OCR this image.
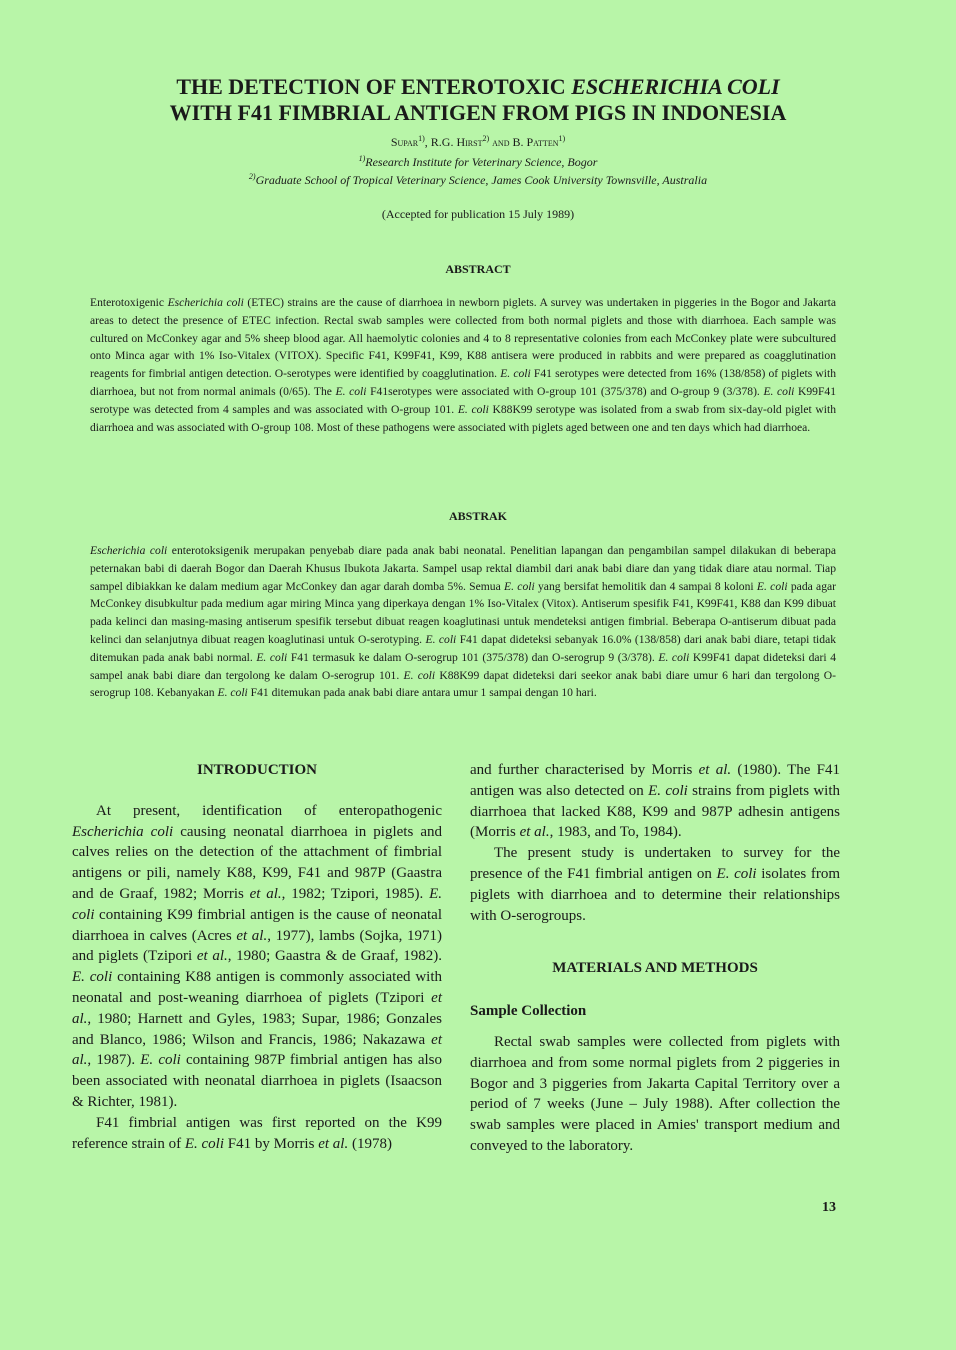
THE DETECTION OF ENTEROTOXIC ESCHERICHIA COLI
WITH F41 FIMBRIAL ANTIGEN FROM PIGS IN INDONESIA
Supar$^{1)}$, R.G. Hirst$^{2)}$ and B. Patten$^{1)}$
$^{1)}$Research Institute for Veterinary Science, Bogor
$^{2)}$Graduate School of Tropical Veterinary Science, James Cook University Townsville, Australia
(Accepted for publication 15 July 1989)
ABSTRACT

Enterotoxigenic Escherichia coli (ETEC) strains are the cause of diarrhoea in newborn piglets. A survey was undertaken in piggeries in the Bogor and Jakarta areas to detect the presence of ETEC infection. Rectal swab samples were collected from both normal piglets and those with diarrhoea. Each sample was cultured on McConkey agar and 5% sheep blood agar. All haemolytic colonies and 4 to 8 representative colonies from each McConkey plate were subcultured onto Minca agar with 1% Iso-Vitalex (VITOX). Specific F41, K99F41, K99, K88 antisera were produced in rabbits and were prepared as coagglutination reagents for fimbrial antigen detection. O-serotypes were identified by coagglutination. E. coli F41 serotypes were detected from 16% (138/858) of piglets with diarrhoea, but not from normal animals (0/65). The E. coli F41serotypes were associated with O-group 101 (375/378) and O-group 9 (3/378). E. coli K99F41 serotype was detected from 4 samples and was associated with O-group 101. E. coli K88K99 serotype was isolated from a swab from six-day-old piglet with diarrhoea and was associated with O-group 108. Most of these pathogens were associated with piglets aged between one and ten days which had diarrhoea.

ABSTRAK

Escherichia coli enterotoksigenik merupakan penyebab diare pada anak babi neonatal. Penelitian lapangan dan pengambilan sampel dilakukan di beberapa peternakan babi di daerah Bogor dan Daerah Khusus Ibukota Jakarta. Sampel usap rektal diambil dari anak babi diare dan yang tidak diare atau normal. Tiap sampel dibiakkan ke dalam medium agar McConkey dan agar darah domba 5%. Semua E. coli yang bersifat hemolitik dan 4 sampai 8 koloni E. coli pada agar McConkey disubkultur pada medium agar miring Minca yang diperkaya dengan 1% Iso-Vitalex (Vitox). Antiserum spesifik F41, K99F41, K88 dan K99 dibuat pada kelinci dan masing-masing antiserum spesifik tersebut dibuat reagen koaglutinasi untuk mendeteksi antigen fimbrial. Beberapa O-antiserum dibuat pada kelinci dan selanjutnya dibuat reagen koaglutinasi untuk O-serotyping. E. coli F41 dapat dideteksi sebanyak 16.0% (138/858) dari anak babi diare, tetapi tidak ditemukan pada anak babi normal. E. coli F41 termasuk ke dalam O-serogrup 101 (375/378) dan O-serogrup 9 (3/378). E. coli K99F41 dapat dideteksi dari 4 sampel anak babi diare dan tergolong ke dalam O-serogrup 101. E. coli K88K99 dapat dideteksi dari seekor anak babi diare umur 6 hari dan tergolong O-serogrup 108. Kebanyakan E. coli F41 ditemukan pada anak babi diare antara umur 1 sampai dengan 10 hari.

INTRODUCTION

At present, identification of enteropathogenic Escherichia coli causing neonatal diarrhoea in piglets and calves relies on the detection of the attachment of fimbrial antigens or pili, namely K88, K99, F41 and 987P (Gaastra and de Graaf, 1982; Morris et al., 1982; Tzipori, 1985). E. coli containing K99 fimbrial antigen is the cause of neonatal diarrhoea in calves (Acres et al., 1977), lambs (Sojka, 1971) and piglets (Tzipori et al., 1980; Gaastra & de Graaf, 1982). E. coli containing K88 antigen is commonly associated with neonatal and post-weaning diarrhoea of piglets (Tzipori et al., 1980; Harnett and Gyles, 1983; Supar, 1986; Gonzales and Blanco, 1986; Wilson and Francis, 1986; Nakazawa et al., 1987). E. coli containing 987P fimbrial antigen has also been associated with neonatal diarrhoea in piglets (Isaacson & Richter, 1981).

F41 fimbrial antigen was first reported on the K99 reference strain of E. coli F41 by Morris et al. (1978)

and further characterised by Morris et al. (1980). The F41 antigen was also detected on E. coli strains from piglets with diarrhoea that lacked K88, K99 and 987P adhesin antigens (Morris et al., 1983, and To, 1984).

The present study is undertaken to survey for the presence of the F41 fimbrial antigen on E. coli isolates from piglets with diarrhoea and to determine their relationships with O-serogroups.

MATERIALS AND METHODS
Sample Collection

Rectal swab samples were collected from piglets with diarrhoea and from some normal piglets from 2 piggeries in Bogor and 3 piggeries from Jakarta Capital Territory over a period of 7 weeks (June – July 1988). After collection the swab samples were placed in Amies' transport medium and conveyed to the laboratory.

13
